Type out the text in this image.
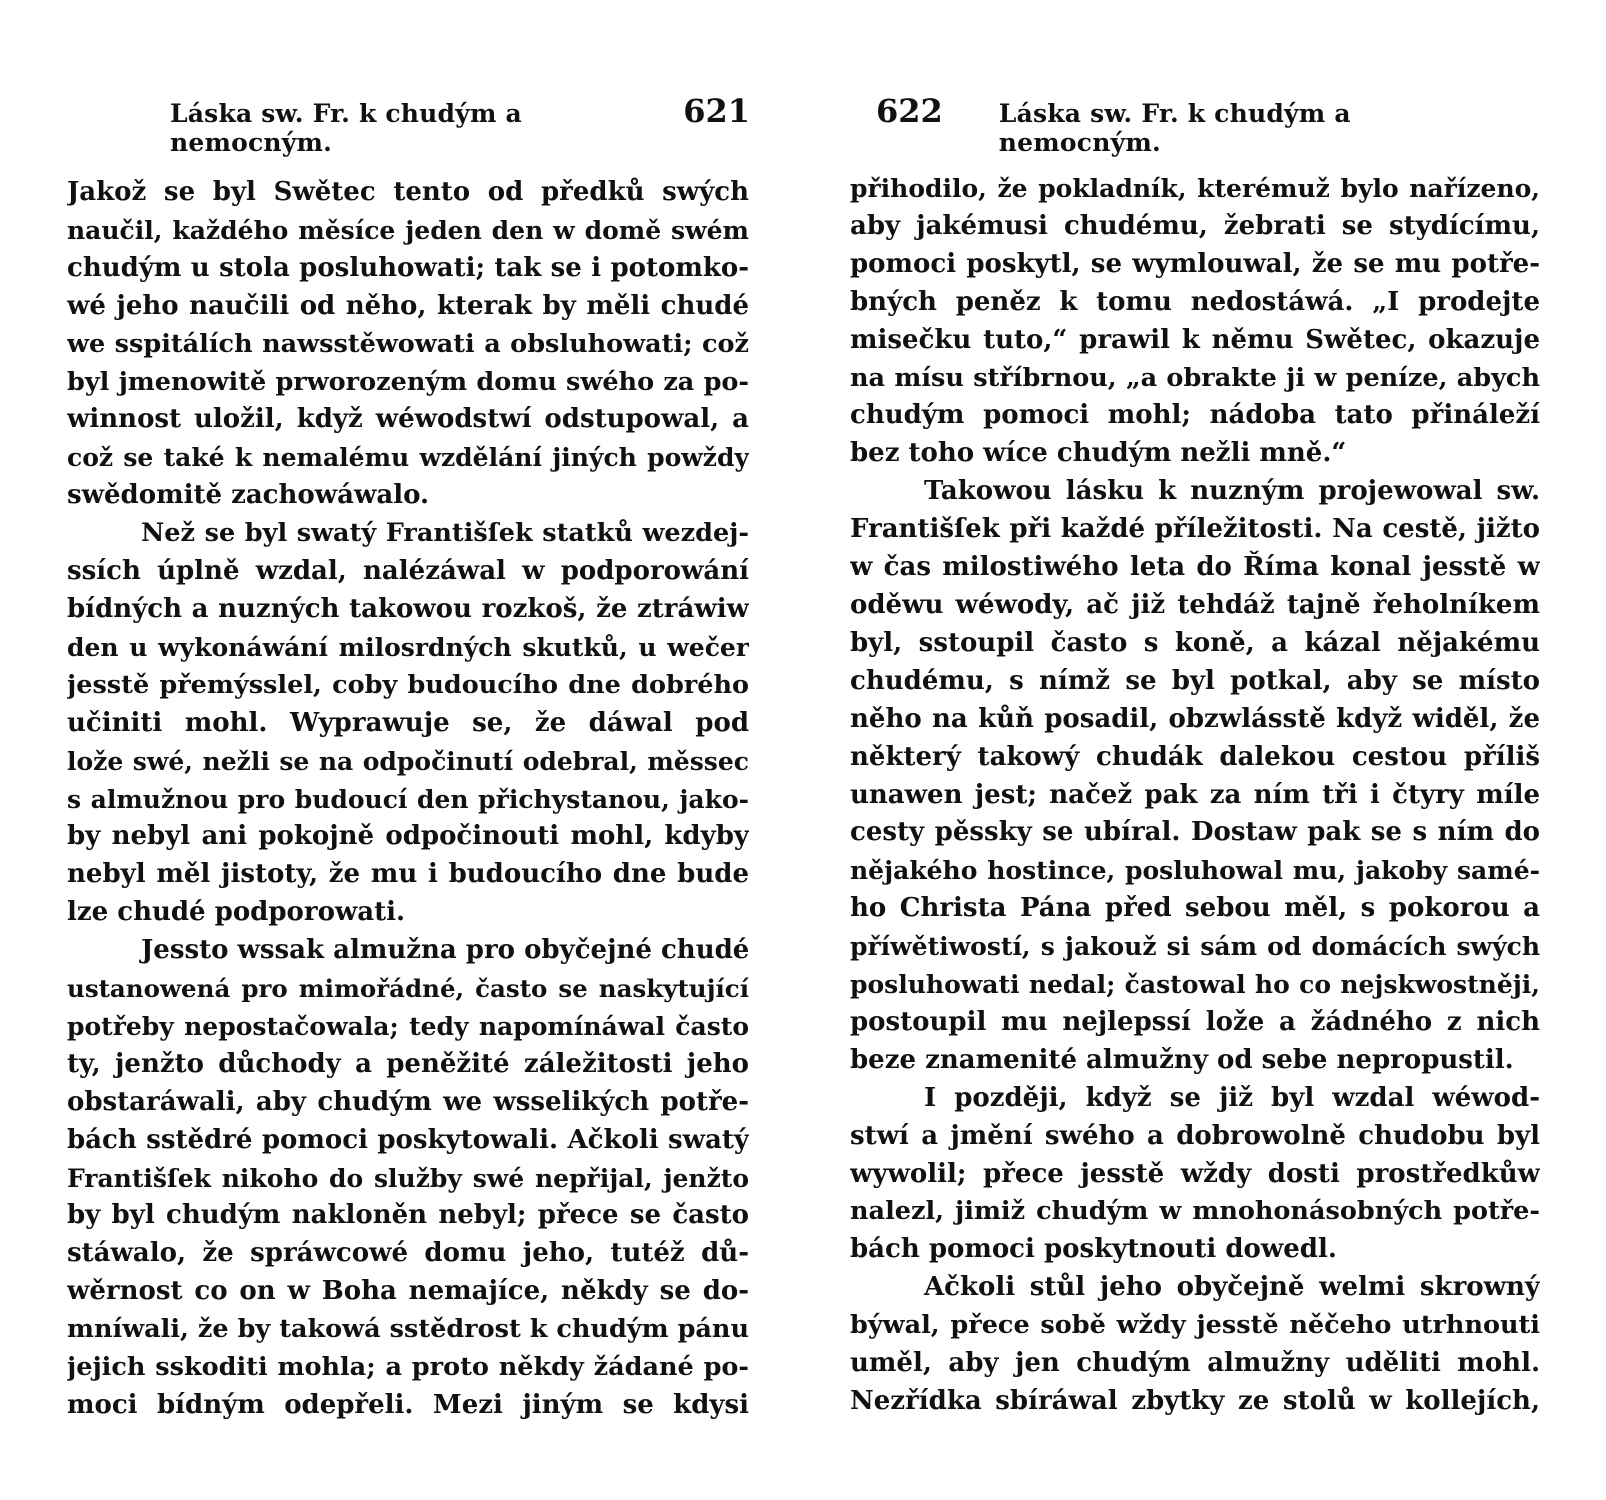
Láska sw. Fr. k chudým a nemocným.
621
Jakož se byl Swětec tento od předků swých
naučil, každého měsíce jeden den w domě swém
chudým u stola posluhowati; tak se i potomko-
wé jeho naučili od něho, kterak by měli chudé
we sspitálích nawsstěwowati a obsluhowati; což
byl jmenowitě prworozeným domu swého za po-
winnost uložil, když wéwodstwí odstupowal, a
což se také k nemalému wzdělání jiných powždy
swědomitě zachowáwalo.
Než se byl swatý Františſek statků wezdej-
ssích úplně wzdal, nalézáwal w podporowání
bídných a nuzných takowou rozkoš, že ztráwiw
den u wykonáwání milosrdných skutků, u wečer
jesstě přemýsslel, coby budoucího dne dobrého
učiniti mohl. Wyprawuje se, že dáwal pod
lože swé, nežli se na odpočinutí odebral, měssec
s almužnou pro budoucí den přichystanou, jako-
by nebyl ani pokojně odpočinouti mohl, kdyby
nebyl měl jistoty, že mu i budoucího dne bude
lze chudé podporowati.
Jessto wssak almužna pro obyčejné chudé
ustanowená pro mimořádné, často se naskytující
potřeby nepostačowala; tedy napomínáwal často
ty, jenžto důchody a peněžité záležitosti jeho
obstaráwali, aby chudým we wsselikých potře-
bách sstědré pomoci poskytowali. Ačkoli swatý
Františſek nikoho do služby swé nepřijal, jenžto
by byl chudým nakloněn nebyl; přece se často
stáwalo, že spráwcowé domu jeho, tutéž dů-
wěrnost co on w Boha nemajíce, někdy se do-
mníwali, že by takowá sstědrost k chudým pánu
jejich sskoditi mohla; a proto někdy žádané po-
moci bídným odepřeli. Mezi jiným se kdysi
622 Láska sw. Fr. k chudým a nemocným.
přihodilo, že pokladník, kterémuž bylo nařízeno,
aby jakémusi chudému, žebrati se stydícímu,
pomoci poskytl, se wymlouwal, že se mu potře-
bných peněz k tomu nedostáwá. „I prodejte
misečku tuto,“ prawil k němu Swětec, okazuje
na mísu stříbrnou, „a obrakte ji w peníze, abych
chudým pomoci mohl; nádoba tato přináleží
bez toho wíce chudým nežli mně.“
Takowou lásku k nuzným projewowal sw.
Františſek při každé příležitosti. Na cestě, jižto
w čas milostiwého leta do Říma konal jesstě w
oděwu wéwody, ač již tehdáž tajně řeholníkem
byl, sstoupil často s koně, a kázal nějakému
chudému, s nímž se byl potkal, aby se místo
něho na kůň posadil, obzwlásstě když widěl, že
některý takowý chudák dalekou cestou příliš
unawen jest; načež pak za ním tři i čtyry míle
cesty pěssky se ubíral. Dostaw pak se s ním do
nějakého hostince, posluhowal mu, jakoby samé-
ho Christa Pána před sebou měl, s pokorou a
příwětiwostí, s jakouž si sám od domácích swých
posluhowati nedal; častowal ho co nejskwostněji,
postoupil mu nejlepssí lože a žádného z nich
beze znamenité almužny od sebe nepropustil.
I později, když se již byl wzdal wéwod-
stwí a jmění swého a dobrowolně chudobu byl
wywolil; přece jesstě wždy dosti prostředkůw
nalezl, jimiž chudým w mnohonásobných potře-
bách pomoci poskytnouti dowedl.
Ačkoli stůl jeho obyčejně welmi skrowný
býwal, přece sobě wždy jesstě něčeho utrhnouti
uměl, aby jen chudým almužny uděliti mohl.
Nezřídka sbíráwal zbytky ze stolů w kollejích,
